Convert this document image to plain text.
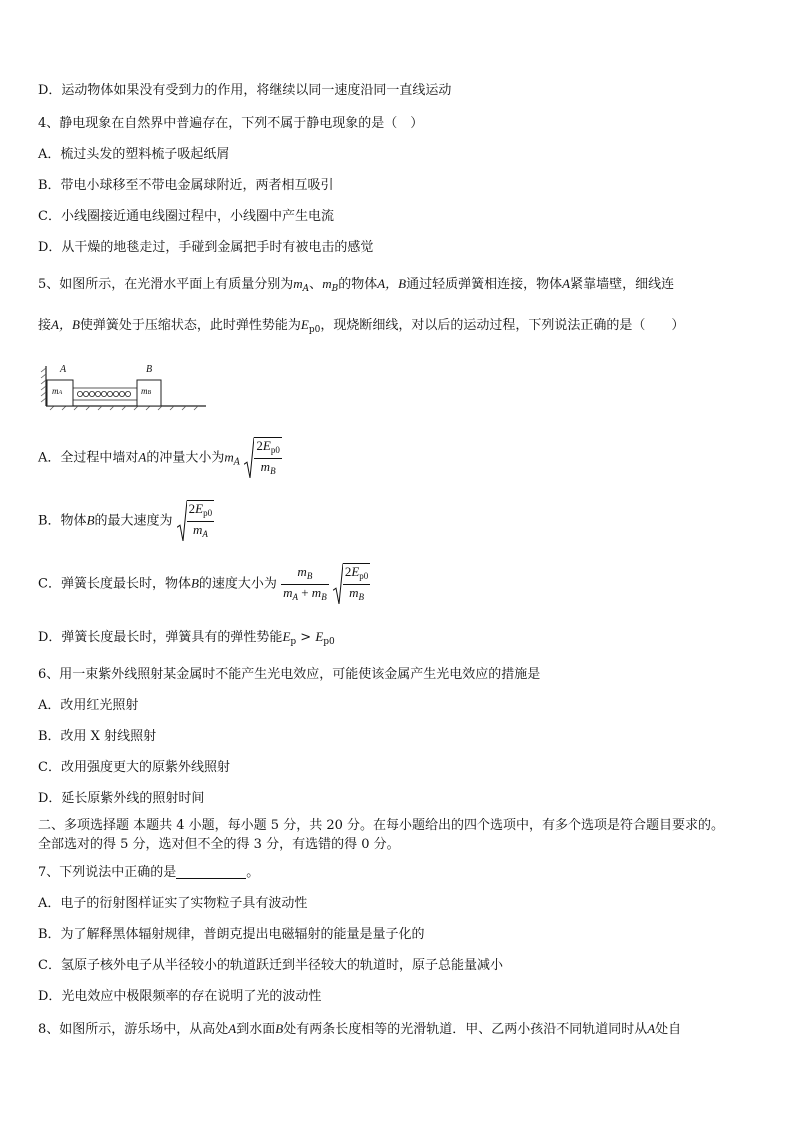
D．运动物体如果没有受到力的作用，将继续以同一速度沿同一直线运动
4、静电现象在自然界中普遍存在，下列不属于静电现象的是（　）
A．梳过头发的塑料梳子吸起纸屑
B．带电小球移至不带电金属球附近，两者相互吸引
C．小线圈接近通电线圈过程中，小线圈中产生电流
D．从干燥的地毯走过，手碰到金属把手时有被电击的感觉
5、如图所示，在光滑水平面上有质量分别为$m_A$、$m_B$的物体A，B通过轻质弹簧相连接，物体A紧靠墙壁，细线连
接A，B使弹簧处于压缩状态，此时弹性势能为$E_{p0}$，现烧断细线，对以后的运动过程，下列说法正确的是（　　）
A	B
mA	mB
A．全过程中墙对A的冲量大小为$m_A \frac{2E_{p0}}{m_B}$
B．物体B的最大速度为 $\frac{2E_{p0}}{m_A}$
C．弹簧长度最长时，物体B的速度大小为 $\frac{m_B}{m_A + m_B}$
$\frac{2E_{p0}}{m_B}$
D．弹簧长度最长时，弹簧具有的弹性势能$E_p > E_{p0}$
6、用一束紫外线照射某金属时不能产生光电效应，可能使该金属产生光电效应的措施是
A．改用红光照射
B．改用 X 射线照射
C．改用强度更大的原紫外线照射
D．延长原紫外线的照射时间
二、多项选择题 本题共 4 小题，每小题 5 分，共 20 分。在每小题给出的四个选项中，有多个选项是符合题目要求的。
全部选对的得 5 分，选对但不全的得 3 分，有选错的得 0 分。
7、下列说法中正确的是	。
A．电子的衍射图样证实了实物粒子具有波动性
B．为了解释黑体辐射规律，普朗克提出电磁辐射的能量是量子化的
C．氢原子核外电子从半径较小的轨道跃迁到半径较大的轨道时，原子总能量减小
D．光电效应中极限频率的存在说明了光的波动性
8、如图所示，游乐场中，从高处A到水面B处有两条长度相等的光滑轨道．甲、乙两小孩沿不同轨道同时从A处自
